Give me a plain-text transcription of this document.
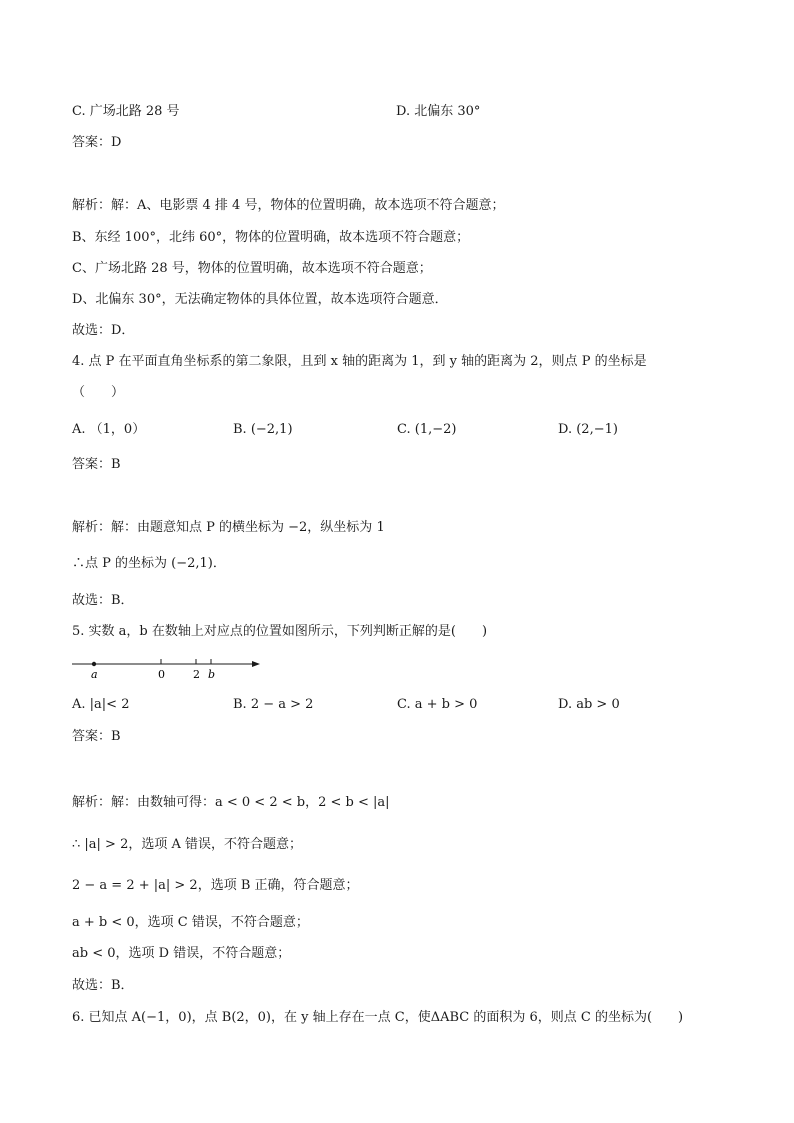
C. 广场北路 28 号	D. 北偏东 30°
答案：D
解析：解：A、电影票 4 排 4 号，物体的位置明确，故本选项不符合题意；
B、东经 100°，北纬 60°，物体的位置明确，故本选项不符合题意；
C、广场北路 28 号，物体的位置明确，故本选项不符合题意；
D、北偏东 30°，无法确定物体的具体位置，故本选项符合题意．
故选：D．
4. 点 P 在平面直角坐标系的第二象限，且到 x 轴的距离为 1，到 y 轴的距离为 2，则点 P 的坐标是
（　　）
A. （1，0）	B. (−2,1)	C. (1,−2)	D. (2,−1)
答案：B
解析：解：由题意知点 P 的横坐标为 −2，纵坐标为 1
∴点 P 的坐标为 (−2,1)．
故选：B．
5. 实数 a，b 在数轴上对应点的位置如图所示，下列判断正解的是(　　)
a	0	2 b
A. |a|< 2	B. 2 − a > 2	C. a + b > 0	D. ab > 0
答案：B
解析：解：由数轴可得：a < 0 < 2 < b，2 < b < |a|
∴ |a| > 2，选项 A 错误，不符合题意；
2 − a = 2 + |a| > 2，选项 B 正确，符合题意；
a + b < 0，选项 C 错误，不符合题意；
ab < 0，选项 D 错误，不符合题意；
故选：B．
6. 已知点 A(−1，0)，点 B(2，0)，在 y 轴上存在一点 C，使ΔABC 的面积为 6，则点 C 的坐标为(　　)
